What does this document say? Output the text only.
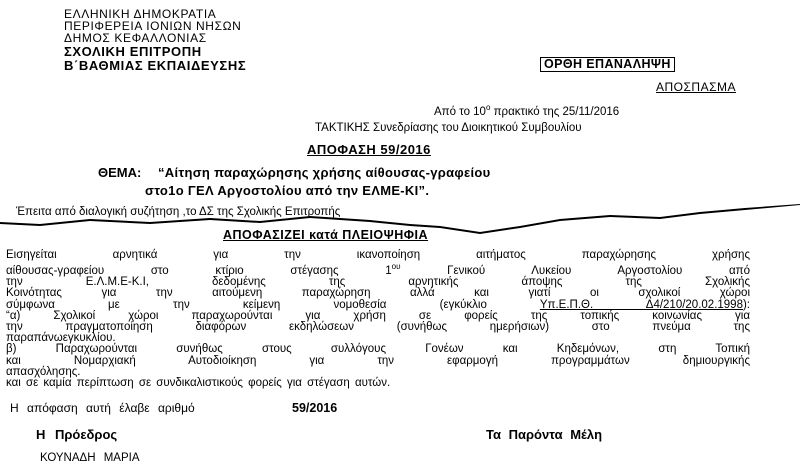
ΕΛΛΗΝΙΚΗ ΔΗΜΟΚΡΑΤΙΑ
ΠΕΡΙΦΕΡΕΙΑ ΙΟΝΙΩΝ ΝΗΣΩΝ
ΔΗΜΟΣ ΚΕΦΑΛΛΟΝΙΑΣ
ΣΧΟΛΙΚΗ ΕΠΙΤΡΟΠΗ
Β΄ΒΑΘΜΙΑΣ ΕΚΠΑΙΔΕΥΣΗΣ	ΟΡΘΗ ΕΠΑΝΑΛΗΨΗ
ΑΠΟΣΠΑΣΜΑ
Από το $10^o$ πρακτικό της 25/11/2016
ΤΑΚΤΙΚΗΣ Συνεδρίασης του Διοικητικού Συμβουλίου
ΑΠΟΦΑΣΗ 59/2016
ΘΕΜΑ: “Αίτηση παραχώρησης χρήσης αίθουσας-γραφείου
στο1ο ΓΕΛ Αργοστολίου από την ΕΛΜΕ-ΚΙ”.
Έπειτα από διαλογική συζήτηση ,το ΔΣ της Σχολικής Επιτροπής
ΑΠΟΦΑΣΙΖΕΙ κατά ΠΛΕΙΟΨΗΦΙΑ
Εισηγείται αρνητικά για την ικανοποίηση αιτήματος παραχώρησης χρήσης
αίθουσας-γραφείου στο κτίριο στέγασης $1^{o\upsilon}$	Γενικού Λυκείου Αργοστολίου από
την Ε.Λ.Μ.Ε-Κ.Ι, δεδομένης της αρνητικής άποψης της Σχολικής
Κοινότητας για την αιτούμενη παραχώρηση αλλά και γιατί οι σχολικοί χώροι
σύμφωνα με την κείμενη νομοθεσία (εγκύκλιο	Υπ.Ε.Π.Θ. Δ4/210/20.02.1998):
“α) Σχολικοί χώροι παραχωρούνται για χρήση σε φορείς της τοπικής κοινωνίας για
την πραγματοποίηση διαφόρων εκδηλώσεων (συνήθως ημερήσιων) στο πνεύμα της
παραπάνωεγκυκλίου.
β) Παραχωρούνται συνήθως στους συλλόγους Γονέων και Κηδεμόνων, στη Τοπική
και Νομαρχιακή Αυτοδιοίκηση για την εφαρμογή προγραμμάτων δημιουργικής
απασχόλησης.
και σε καμία περίπτωση σε συνδικαλιστικούς φορείς για στέγαση αυτών.
Η απόφαση αυτή έλαβε αριθμό	59/2016
Η Πρόεδρος	Τα Παρόντα Μέλη
ΚΟΥΝΑΔΗ ΜΑΡΙΑ
